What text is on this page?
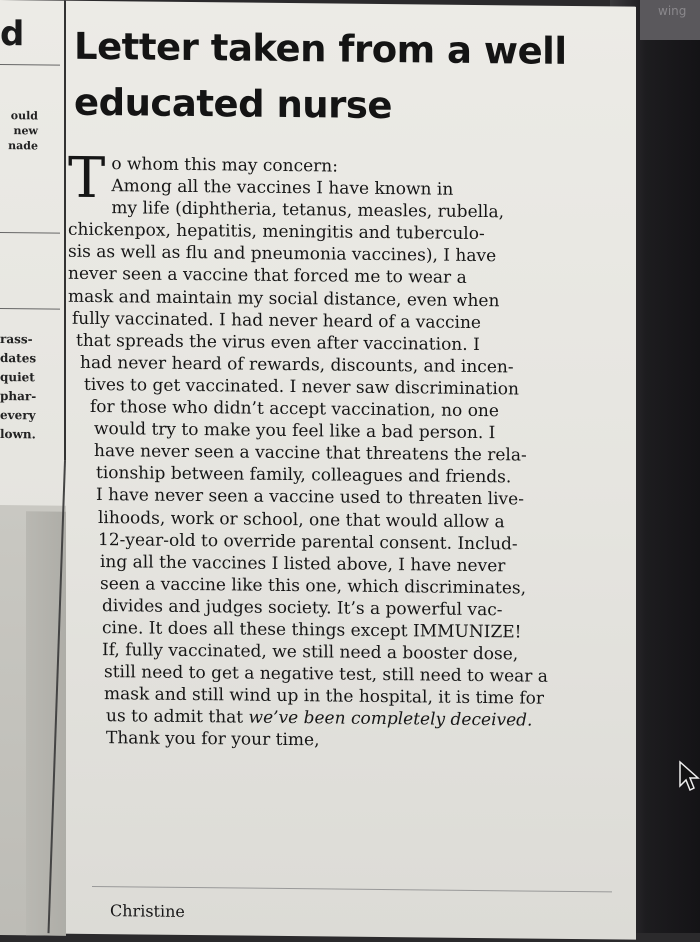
wing
d
ould
new
nade
rass-
dates
quiet
phar-
every
lown.
Letter taken from a well
educated nurse
T o whom this may concern:
Among all the vaccines I have known in
my life (diphtheria, tetanus, measles, rubella,
chickenpox, hepatitis, meningitis and tuberculo-
sis as well as flu and pneumonia vaccines), I have
never seen a vaccine that forced me to wear a
mask and maintain my social distance, even when
fully vaccinated. I had never heard of a vaccine
that spreads the virus even after vaccination. I
had never heard of rewards, discounts, and incen-
tives to get vaccinated. I never saw discrimination
for those who didn’t accept vaccination, no one
would try to make you feel like a bad person. I
have never seen a vaccine that threatens the rela-
tionship between family, colleagues and friends.
I have never seen a vaccine used to threaten live-
lihoods, work or school, one that would allow a
12-year-old to override parental consent. Includ-
ing all the vaccines I listed above, I have never
seen a vaccine like this one, which discriminates,
divides and judges society. It’s a powerful vac-
cine. It does all these things except IMMUNIZE!
If, fully vaccinated, we still need a booster dose,
still need to get a negative test, still need to wear a
mask and still wind up in the hospital, it is time for
us to admit that we’ve been completely deceived.
Thank you for your time,
Christine
